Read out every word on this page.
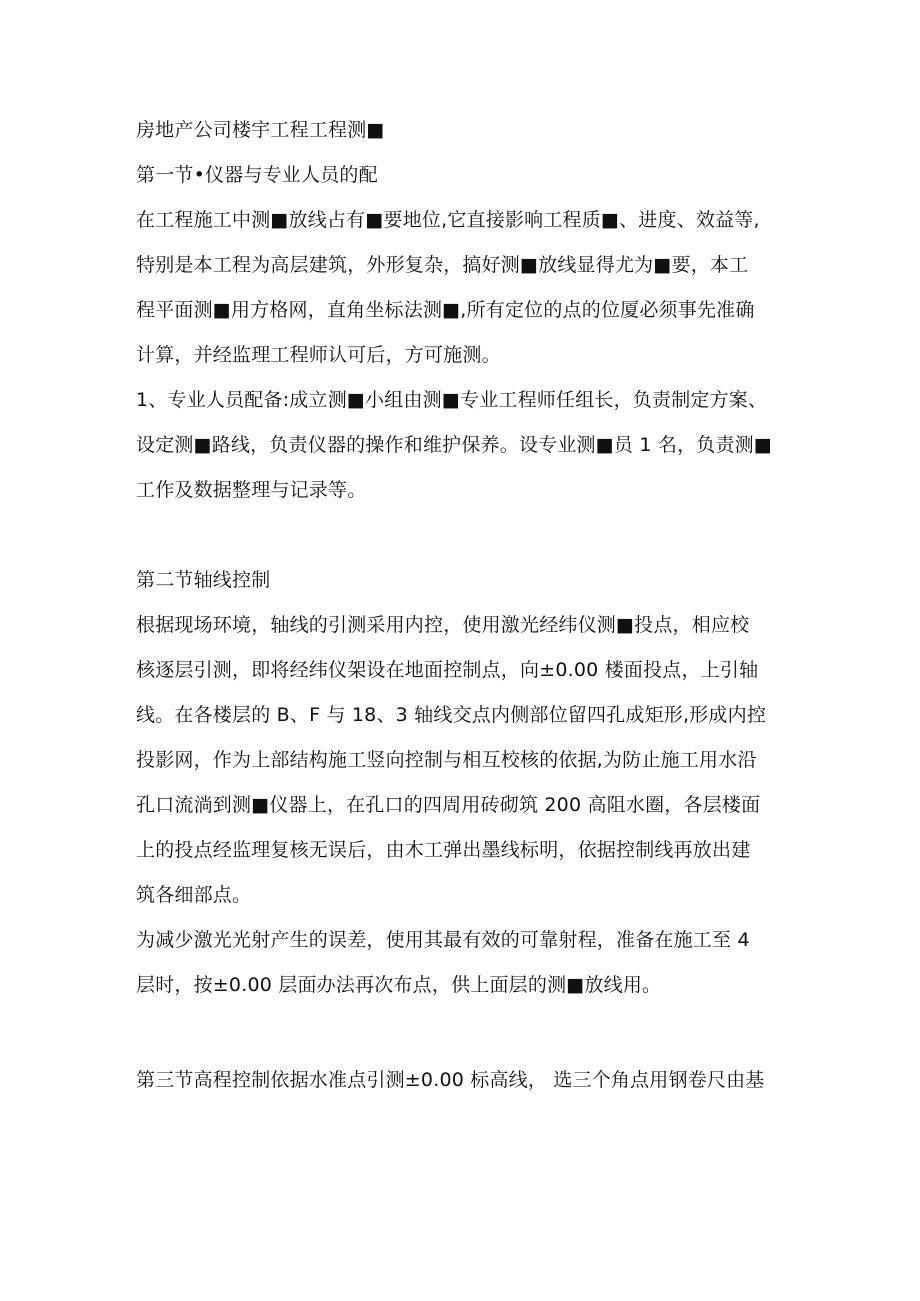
房地产公司楼宇工程工程测■
第一节•仪器与专业人员的配
在工程施工中测■放线占有■要地位,它直接影响工程质■、进度、效益等,
特别是本工程为高层建筑，外形复杂，搞好测■放线显得尤为■要，本工
程平面测■用方格网，直角坐标法测■,所有定位的点的位厦必须事先准确
计算，并经监理工程师认可后，方可施测。
1、专业人员配备:成立测■小组由测■专业工程师任组长，负责制定方案、
设定测■路线，负责仪器的操作和维护保养。设专业测■员 1 名，负责测■
工作及数据整理与记录等。
第二节轴线控制
根据现场环境，轴线的引测采用内控，使用激光经纬仪测■投点，相应校
核逐层引测，即将经纬仪架设在地面控制点，向±0.00 楼面投点，上引轴
线。在各楼层的 B、F 与 18、3 轴线交点内侧部位留四孔成矩形,形成内控
投影网，作为上部结构施工竖向控制与相互校核的依据,为防止施工用水沿
孔口流淌到测■仪器上，在孔口的四周用砖砌筑 200 高阻水圈，各层楼面
上的投点经监理复核无误后，由木工弹出墨线标明，依据控制线再放出建
筑各细部点。
为减少激光光射产生的误差，使用其最有效的可靠射程，准备在施工至 4
层时，按±0.00 层面办法再次布点，供上面层的测■放线用。
第三节高程控制依据水准点引测±0.00 标高线， 选三个角点用钢卷尺由基
